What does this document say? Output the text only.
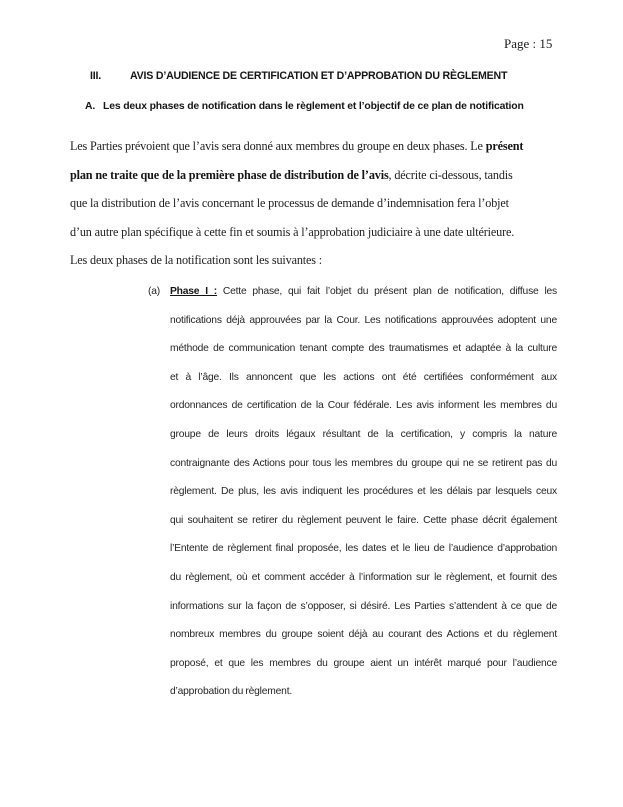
Page : 15
III.	AVIS D’AUDIENCE DE CERTIFICATION ET D’APPROBATION DU RÈGLEMENT
A. Les deux phases de notification dans le règlement et l’objectif de ce plan de notification
Les Parties prévoient que l’avis sera donné aux membres du groupe en deux phases. Le présent
plan ne traite que de la première phase de distribution de l’avis, décrite ci-dessous, tandis
que la distribution de l’avis concernant le processus de demande d’indemnisation fera l’objet
d’un autre plan spécifique à cette fin et soumis à l’approbation judiciaire à une date ultérieure.
Les deux phases de la notification sont les suivantes :
(a) Phase I : Cette phase, qui fait l’objet du présent plan de notification, diffuse les
notifications déjà approuvées par la Cour. Les notifications approuvées adoptent une
méthode de communication tenant compte des traumatismes et adaptée à la culture
et à l’âge. Ils annoncent que les actions ont été certifiées conformément aux
ordonnances de certification de la Cour fédérale. Les avis informent les membres du
groupe de leurs droits légaux résultant de la certification, y compris la nature
contraignante des Actions pour tous les membres du groupe qui ne se retirent pas du
règlement. De plus, les avis indiquent les procédures et les délais par lesquels ceux
qui souhaitent se retirer du règlement peuvent le faire. Cette phase décrit également
l’Entente de règlement final proposée, les dates et le lieu de l’audience d’approbation
du règlement, où et comment accéder à l’information sur le règlement, et fournit des
informations sur la façon de s’opposer, si désiré. Les Parties s’attendent à ce que de
nombreux membres du groupe soient déjà au courant des Actions et du règlement
proposé, et que les membres du groupe aient un intérêt marqué pour l’audience
d’approbation du règlement.
